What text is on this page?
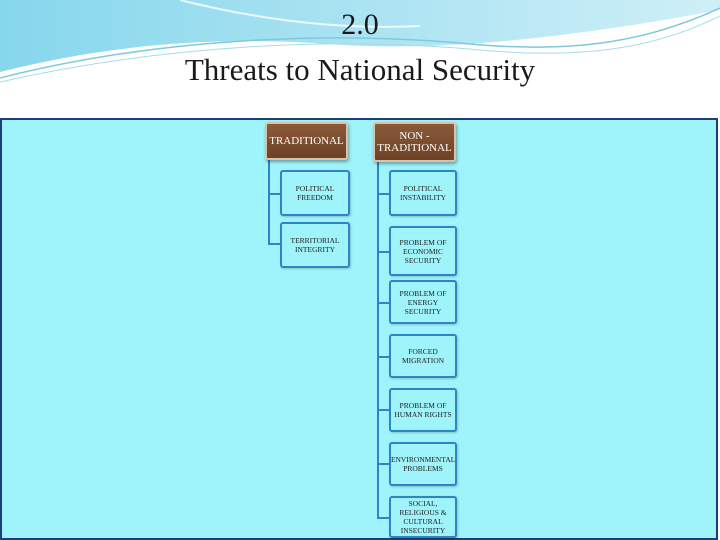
2.0
Threats to National Security
TRADITIONAL	NON - TRADITIONAL
POLITICAL FREEDOM
TERRITORIAL INTEGRITY
POLITICAL INSTABILITY
PROBLEM OF ECONOMIC SECURITY
PROBLEM OF ENERGY SECURITY
FORCED MIGRATION
PROBLEM OF HUMAN RIGHTS
ENVIRONMENTAL PROBLEMS
SOCIAL, RELIGIOUS & CULTURAL INSECURITY
